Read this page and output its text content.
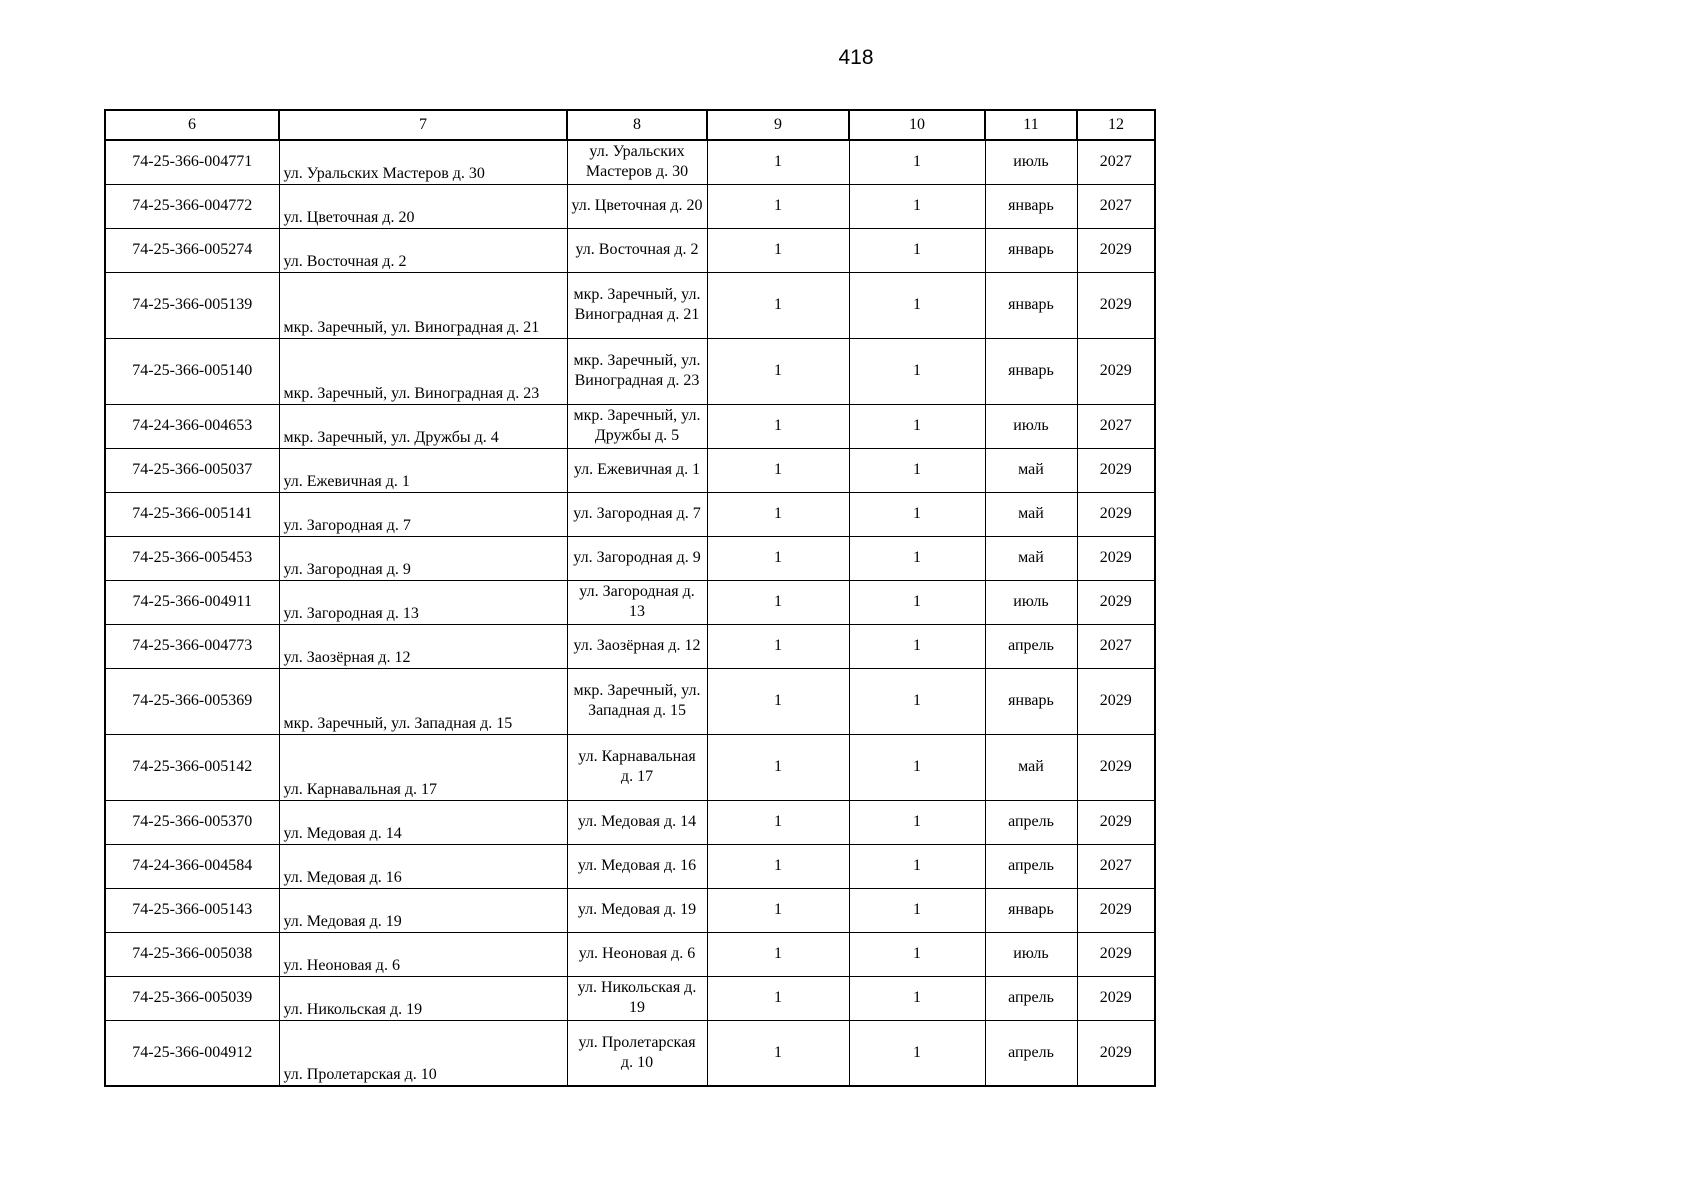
418
6	7	8	9	10	11	12
74-25-366-004771	ул. Уральских Мастеров д. 30	ул. Уральских Мастеров д. 30	1	1	июль	2027
74-25-366-004772	ул. Цветочная д. 20	ул. Цветочная д. 20	1	1	январь	2027
74-25-366-005274	ул. Восточная д. 2	ул. Восточная д. 2	1	1	январь	2029
74-25-366-005139	мкр. Заречный, ул. Виноградная д. 21	мкр. Заречный, ул. Виноградная д. 21	1	1	январь	2029
74-25-366-005140	мкр. Заречный, ул. Виноградная д. 23	мкр. Заречный, ул. Виноградная д. 23	1	1	январь	2029
74-24-366-004653	мкр. Заречный, ул. Дружбы д. 4	мкр. Заречный, ул. Дружбы д. 5	1	1	июль	2027
74-25-366-005037	ул. Ежевичная д. 1	ул. Ежевичная д. 1	1	1	май	2029
74-25-366-005141	ул. Загородная д. 7	ул. Загородная д. 7	1	1	май	2029
74-25-366-005453	ул. Загородная д. 9	ул. Загородная д. 9	1	1	май	2029
74-25-366-004911	ул. Загородная д. 13	ул. Загородная д. 13	1	1	июль	2029
74-25-366-004773	ул. Заозёрная д. 12	ул. Заозёрная д. 12	1	1	апрель	2027
74-25-366-005369	мкр. Заречный, ул. Западная д. 15	мкр. Заречный, ул. Западная д. 15	1	1	январь	2029
74-25-366-005142	ул. Карнавальная д. 17	ул. Карнавальная д. 17	1	1	май	2029
74-25-366-005370	ул. Медовая д. 14	ул. Медовая д. 14	1	1	апрель	2029
74-24-366-004584	ул. Медовая д. 16	ул. Медовая д. 16	1	1	апрель	2027
74-25-366-005143	ул. Медовая д. 19	ул. Медовая д. 19	1	1	январь	2029
74-25-366-005038	ул. Неоновая д. 6	ул. Неоновая д. 6	1	1	июль	2029
74-25-366-005039	ул. Никольская д. 19	ул. Никольская д. 19	1	1	апрель	2029
74-25-366-004912	ул. Пролетарская д. 10	ул. Пролетарская д. 10	1	1	апрель	2029
